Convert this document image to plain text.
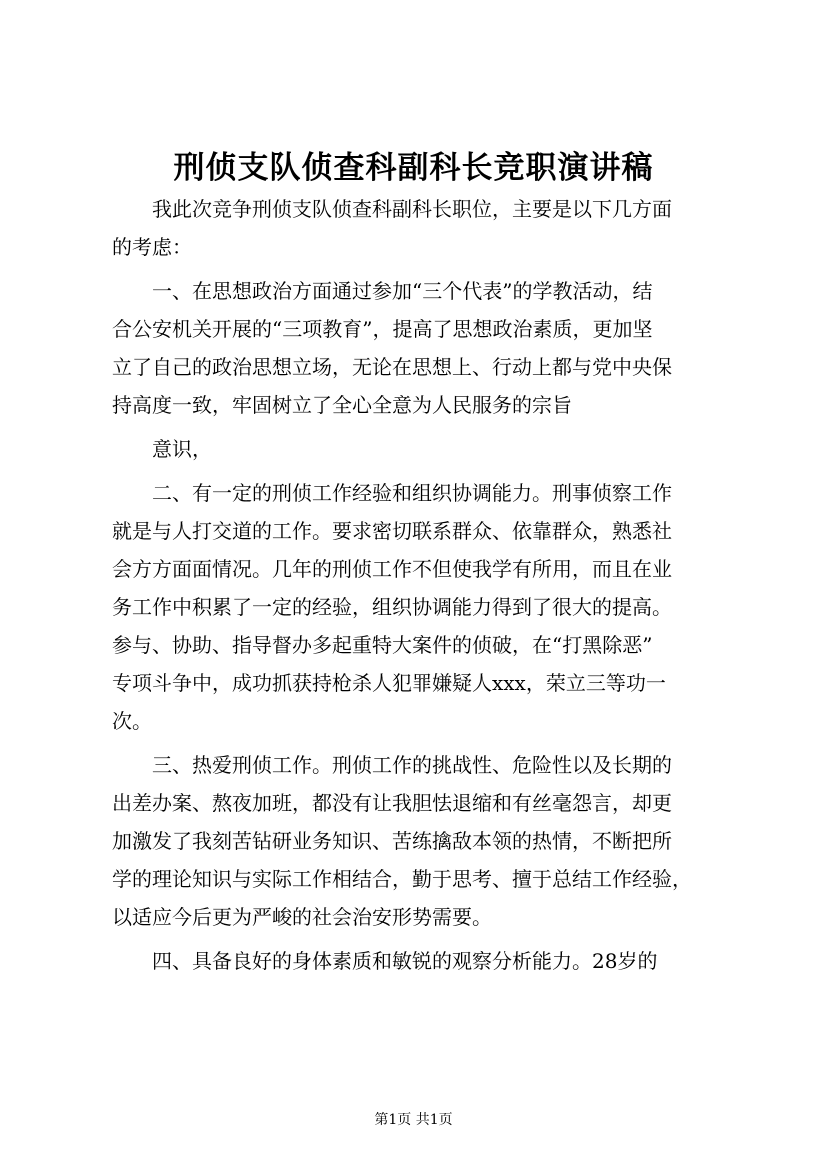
刑侦支队侦查科副科长竞职演讲稿
我此次竞争刑侦支队侦查科副科长职位，主要是以下几方面
的考虑：
一、在思想政治方面通过参加“三个代表”的学教活动，结
合公安机关开展的“三项教育”，提高了思想政治素质，更加坚
立了自己的政治思想立场，无论在思想上、行动上都与党中央保
持高度一致，牢固树立了全心全意为人民服务的宗旨
意识，
二、有一定的刑侦工作经验和组织协调能力。刑事侦察工作
就是与人打交道的工作。要求密切联系群众、依靠群众，熟悉社
会方方面面情况。几年的刑侦工作不但使我学有所用，而且在业
务工作中积累了一定的经验，组织协调能力得到了很大的提高。
参与、协助、指导督办多起重特大案件的侦破，在“打黑除恶”
专项斗争中，成功抓获持枪杀人犯罪嫌疑人xxx，荣立三等功一
次。
三、热爱刑侦工作。刑侦工作的挑战性、危险性以及长期的
出差办案、熬夜加班，都没有让我胆怯退缩和有丝毫怨言，却更
加激发了我刻苦钻研业务知识、苦练擒敌本领的热情，不断把所
学的理论知识与实际工作相结合，勤于思考、擅于总结工作经验，
以适应今后更为严峻的社会治安形势需要。
四、具备良好的身体素质和敏锐的观察分析能力。28岁的
第1页 共1页
